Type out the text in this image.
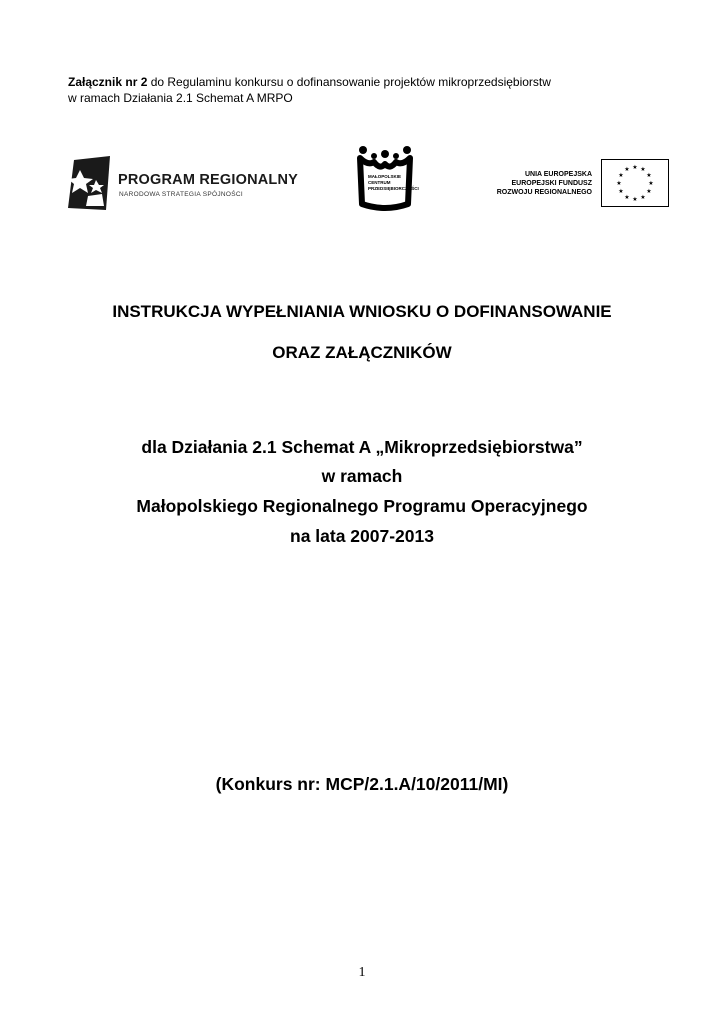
Załącznik nr 2 do Regulaminu konkursu o dofinansowanie projektów mikroprzedsiębiorstw
w ramach Działania 2.1 Schemat A MRPO
PROGRAM REGIONALNY
NARODOWA STRATEGIA SPÓJNOŚCI
MAŁOPOLSKIE
CENTRUM
PRZEDSIĘBIORCZOŚCI
UNIA EUROPEJSKA
EUROPEJSKI FUNDUSZ
ROZWOJU REGIONALNEGO
★ ★
★
★
★
★
★
★
★
★
★
★
INSTRUKCJA WYPEŁNIANIA WNIOSKU O DOFINANSOWANIE
ORAZ ZAŁĄCZNIKÓW
dla Działania 2.1 Schemat A „Mikroprzedsiębiorstwa”
w ramach
Małopolskiego Regionalnego Programu Operacyjnego
na lata 2007-2013
(Konkurs nr: MCP/2.1.A/10/2011/MI)
1
